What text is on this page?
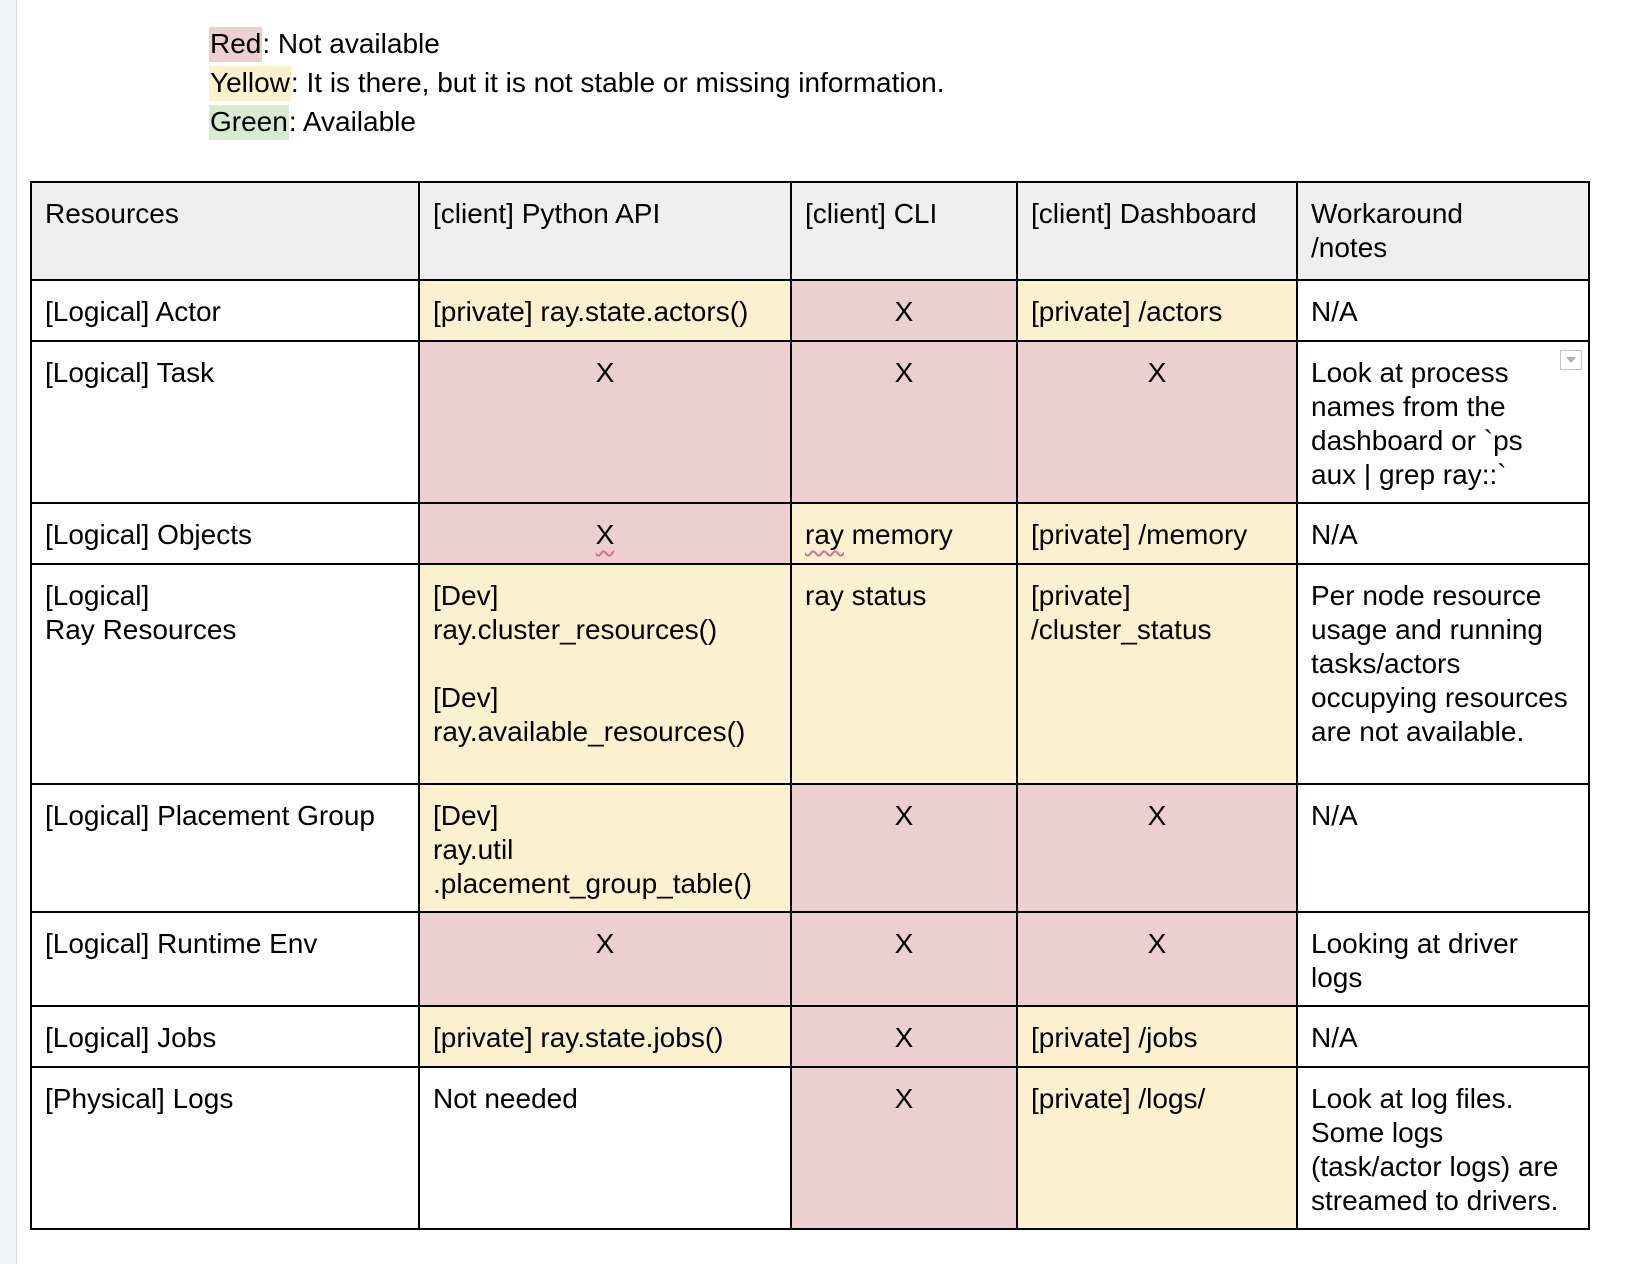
Red: Not available
Yellow: It is there, but it is not stable or missing information.
Green: Available
Resources	[client] Python API	[client] CLI	[client] Dashboard	Workaround
/notes
[Logical] Actor	[private] ray.state.actors()	X	[private] /actors	N/A
[Logical] Task	X	X	X	Look at process names from the dashboard or `ps aux | grep ray::`

[Logical] Objects	X	ray memory	[private] /memory	N/A
[Logical]
Ray Resources	[Dev]
ray.cluster_resources()

[Dev]
ray.available_resources()	ray status	[private]
/cluster_status	Per node resource usage and running tasks/actors occupying resources are not available.
[Logical] Placement Group	[Dev]
ray.util
.placement_group_table()	X	X	N/A
[Logical] Runtime Env	X	X	X	Looking at driver logs
[Logical] Jobs	[private] ray.state.jobs()	X	[private] /jobs	N/A
[Physical] Logs	Not needed	X	[private] /logs/	Look at log files. Some logs (task/actor logs) are streamed to drivers.
